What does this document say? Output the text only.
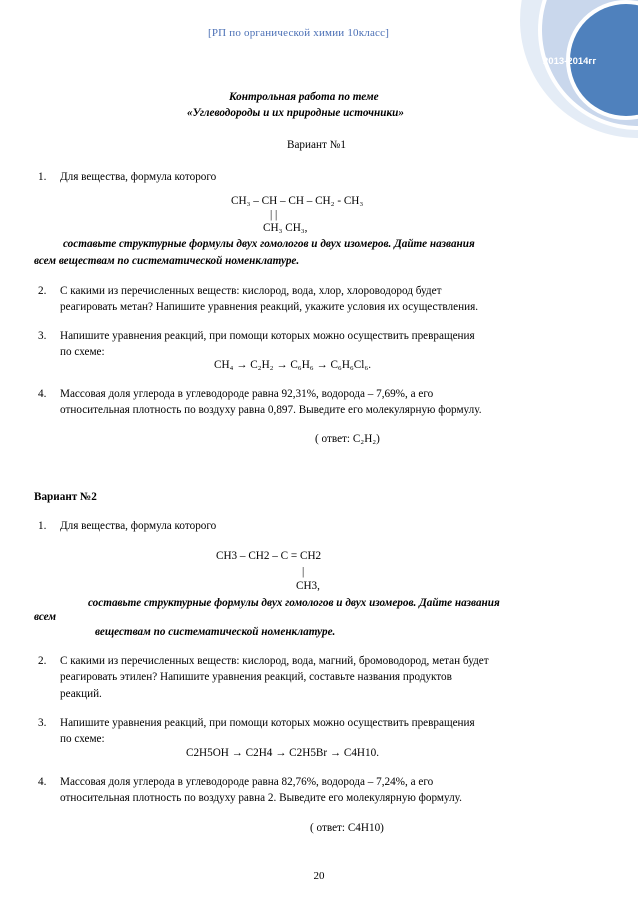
[РП по органической химии 10класс]
2013-2014гг
Контрольная работа по теме
«Углеводороды и их природные источники»
Вариант №1
1. Для вещества, формула которого
CH₃ – CH – CH – CH₂ - CH₃
| |
CH₃ CH₃,
составьте структурные формулы двух гомологов и двух изомеров. Дайте названия
всем веществам по систематической номенклатуре.
2. С какими из перечисленных веществ: кислород, вода, хлор, хлороводород будет
реагировать метан? Напишите уравнения реакций, укажите условия их осуществления.
3. Напишите уравнения реакций, при помощи которых можно осуществить превращения
по схеме:
CH₄ → C₂H₂ → C₆H₆ → C₆H₆Cl₆.
4. Массовая доля углерода в углеводороде равна 92,31%, водорода – 7,69%, а его
относительная плотность по воздуху равна 0,897. Выведите его молекулярную формулу.
( ответ: C₂H₂)
Вариант №2
1. Для вещества, формула которого
CH3 – CH2 – C = CH2
|
CH3,
составьте структурные формулы двух гомологов и двух изомеров. Дайте названия
всем
веществам по систематической номенклатуре.
2. С какими из перечисленных веществ: кислород, вода, магний, бромоводород, метан будет
реагировать этилен? Напишите уравнения реакций, составьте названия продуктов
реакций.
3. Напишите уравнения реакций, при помощи которых можно осуществить превращения
по схеме:
C2H5OH → C2H4 → C2H5Br → C4H10.
4. Массовая доля углерода в углеводороде равна 82,76%, водорода – 7,24%, а его
относительная плотность по воздуху равна 2. Выведите его молекулярную формулу.
( ответ: C4H10)
20
